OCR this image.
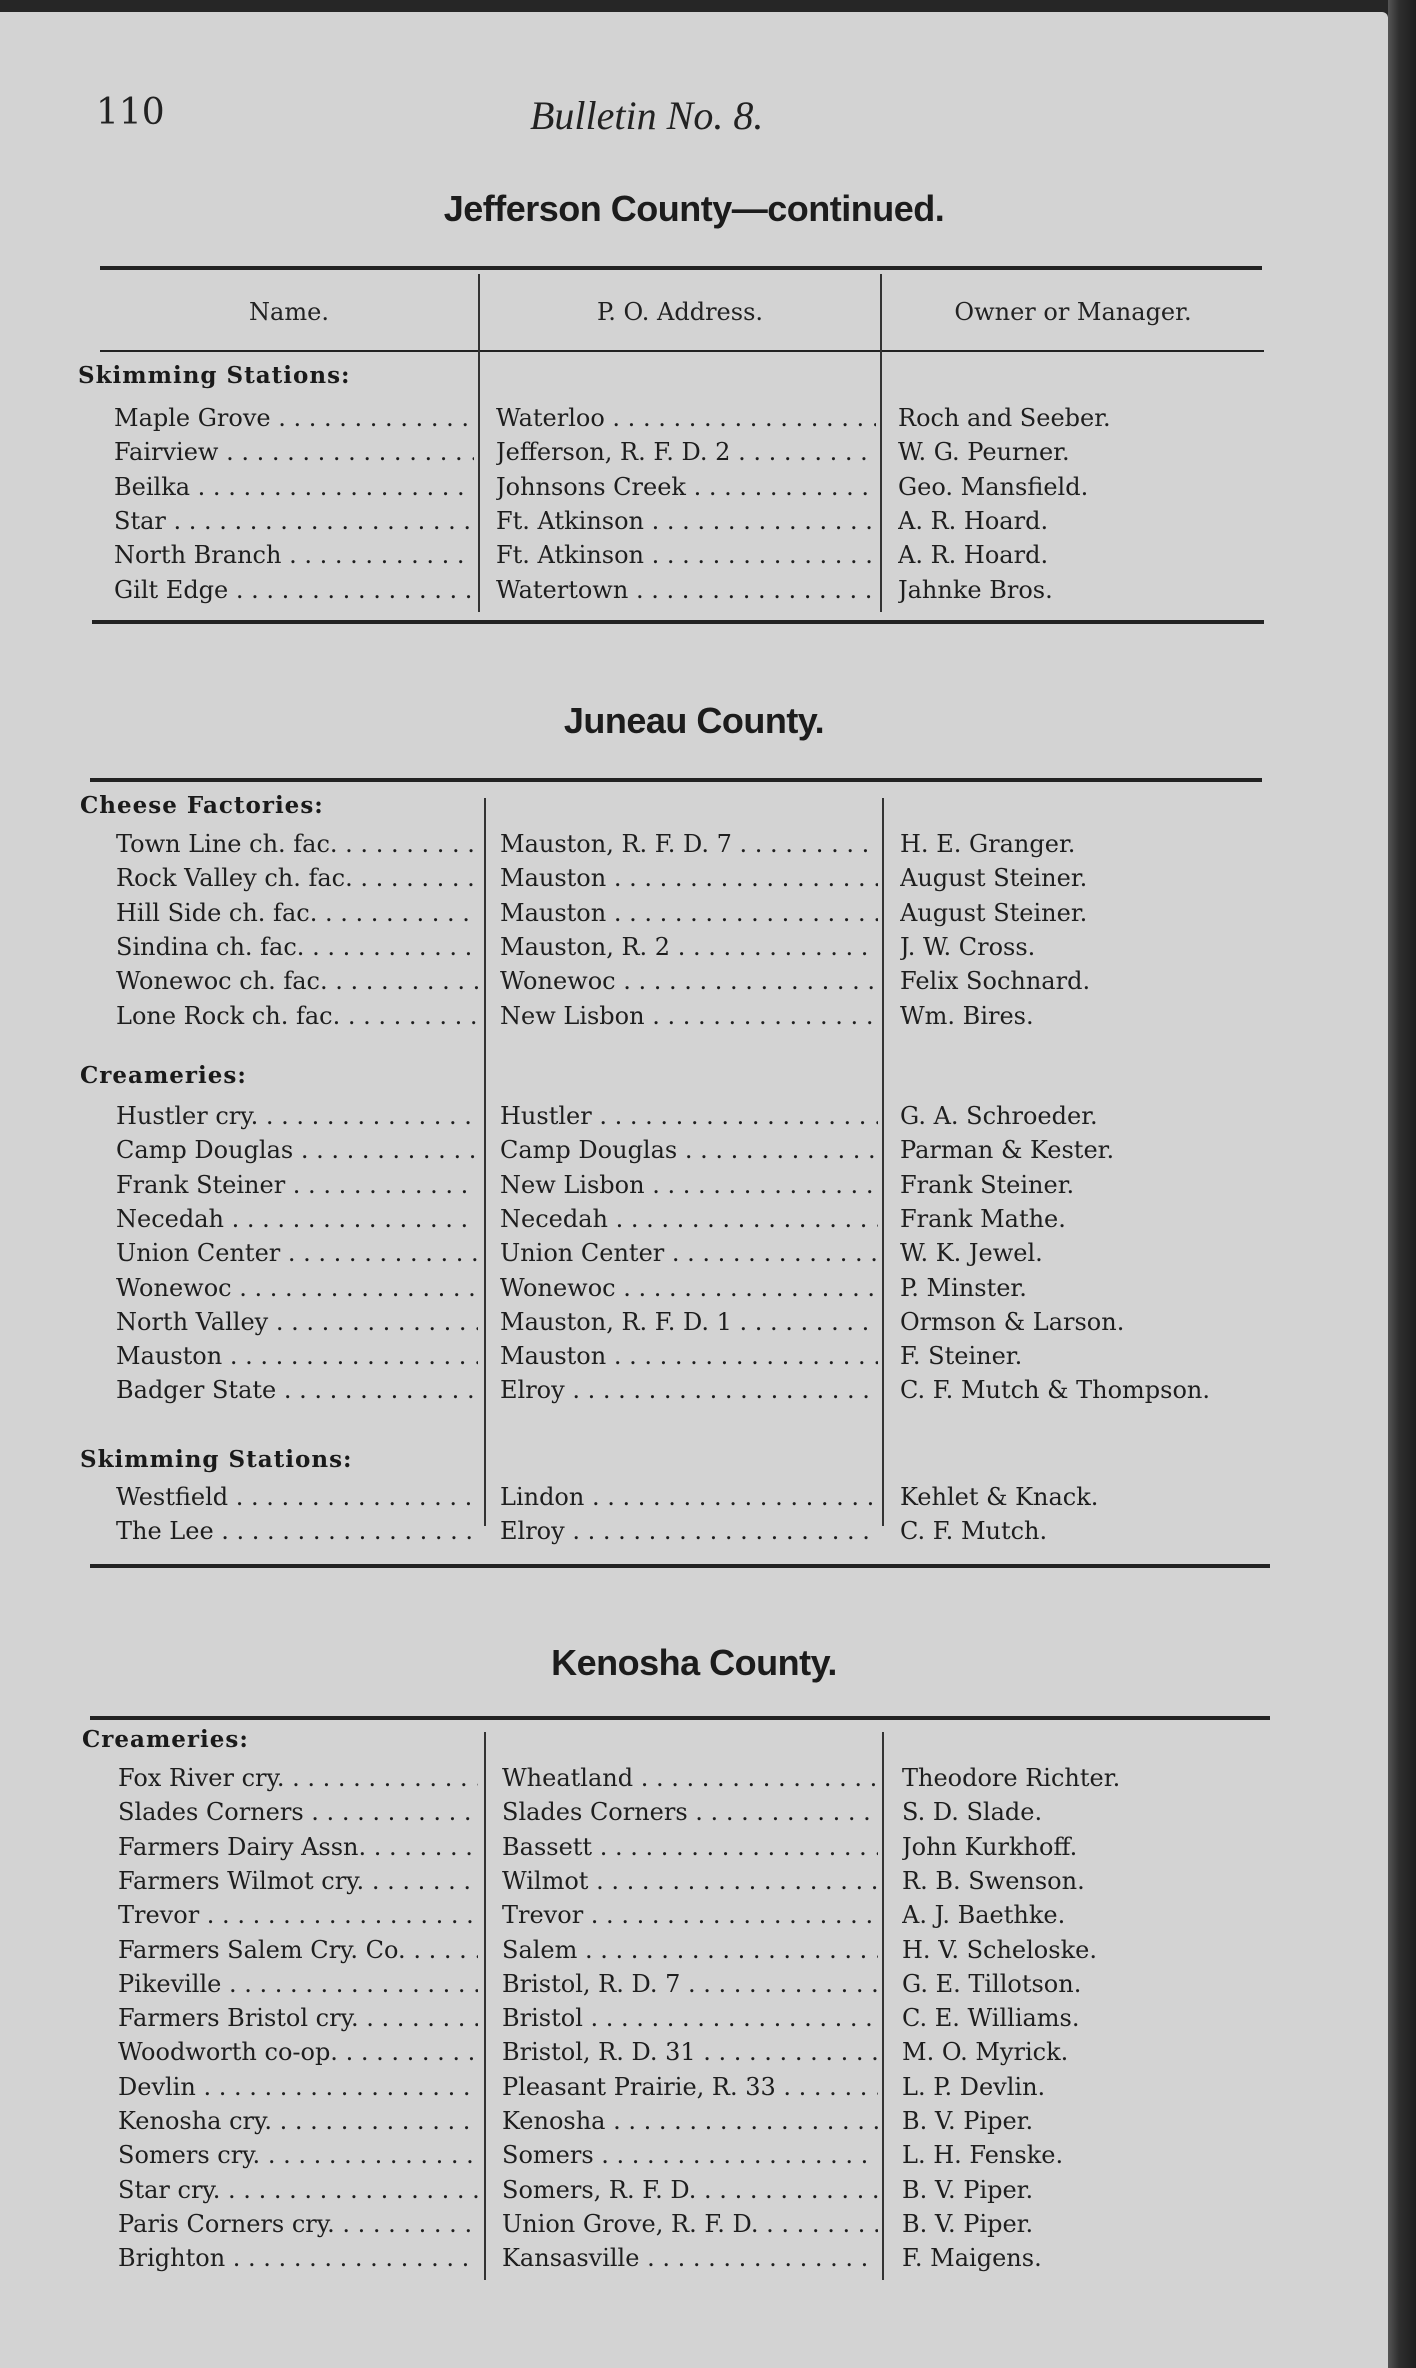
110	Bulletin No. 8.
Jefferson County—continued.
Name.	P. O. Address.	Owner or Manager.
Juneau County.
Kenosha County.
Skimming Stations:
Maple Grove . . .	Waterloo . . .	Roch and Seeber.
Fairview . . .	Jefferson, R. F. D. 2 . . .	W. G. Peurner.
Beilka . . .	Johnsons Creek . . .	Geo. Mansfield.
Star . . .	Ft. Atkinson . . .	A. R. Hoard.
North Branch . . .	Ft. Atkinson . . .	A. R. Hoard.
Gilt Edge . . .	Watertown . . .	Jahnke Bros.
Cheese Factories:
Town Line ch. fac. . . .	Mauston, R. F. D. 7 . . .	H. E. Granger.
Rock Valley ch. fac. . . .	Mauston . . .	August Steiner.
Hill Side ch. fac. . . .	Mauston . . .	August Steiner.
Sindina ch. fac. . . .	Mauston, R. 2 . . .	J. W. Cross.
Wonewoc ch. fac. . . .	Wonewoc . . .	Felix Sochnard.
Lone Rock ch. fac. . . .	New Lisbon . . .	Wm. Bires.
Creameries:
Hustler cry. . . .	Hustler . . .	G. A. Schroeder.
Camp Douglas . . .	Camp Douglas . . .	Parman & Kester.
Frank Steiner . . .	New Lisbon . . .	Frank Steiner.
Necedah . . .	Necedah . . .	Frank Mathe.
Union Center . . .	Union Center . . .	W. K. Jewel.
Wonewoc . . .	Wonewoc . . .	P. Minster.
North Valley . . .	Mauston, R. F. D. 1 . . .	Ormson & Larson.
Mauston . . .	Mauston . . .	F. Steiner.
Badger State . . .	Elroy . . .	C. F. Mutch & Thompson.
Skimming Stations:
Westfield . . .	Lindon . . .	Kehlet & Knack.
The Lee . . .	Elroy . . .	C. F. Mutch.
Creameries:
Fox River cry. . . .	Wheatland . . .	Theodore Richter.
Slades Corners . . .	Slades Corners . . .	S. D. Slade.
Farmers Dairy Assn. . . .	Bassett . . .	John Kurkhoff.
Farmers Wilmot cry. . . .	Wilmot . . .	R. B. Swenson.
Trevor . . .	Trevor . . .	A. J. Baethke.
Farmers Salem Cry. Co. . . .	Salem . . .	H. V. Scheloske.
Pikeville . . .	Bristol, R. D. 7 . . .	G. E. Tillotson.
Farmers Bristol cry. . . .	Bristol . . .	C. E. Williams.
Woodworth co-op. . . .	Bristol, R. D. 31 . . .	M. O. Myrick.
Devlin . . .	Pleasant Prairie, R. 33 . . .	L. P. Devlin.
Kenosha cry. . . .	Kenosha . . .	B. V. Piper.
Somers cry. . . .	Somers . . .	L. H. Fenske.
Star cry. . . .	Somers, R. F. D. . . .	B. V. Piper.
Paris Corners cry. . . .	Union Grove, R. F. D. . . .	B. V. Piper.
Brighton . . .	Kansasville . . .	F. Maigens.
